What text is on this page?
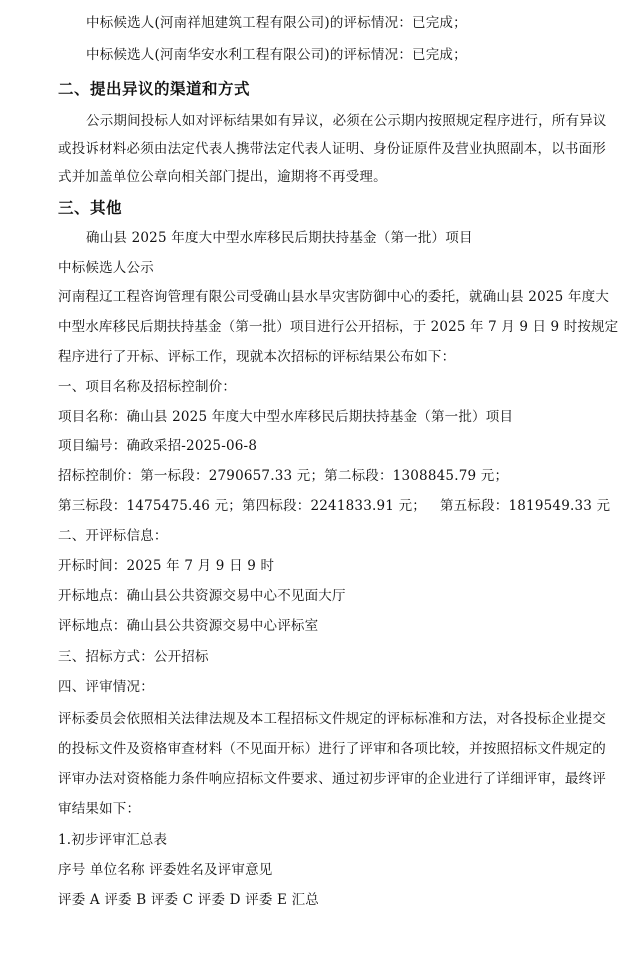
中标候选人(河南祥旭建筑工程有限公司)的评标情况：已完成；
中标候选人(河南华安水利工程有限公司)的评标情况：已完成；
二、提出异议的渠道和方式
公示期间投标人如对评标结果如有异议，必须在公示期内按照规定程序进行，所有异议
或投诉材料必须由法定代表人携带法定代表人证明、身份证原件及营业执照副本，以书面形
式并加盖单位公章向相关部门提出，逾期将不再受理。
三、其他
确山县 2025 年度大中型水库移民后期扶持基金（第一批）项目
中标候选人公示
河南程辽工程咨询管理有限公司受确山县水旱灾害防御中心的委托，就确山县 2025 年度大
中型水库移民后期扶持基金（第一批）项目进行公开招标，于 2025 年 7 月 9 日 9 时按规定
程序进行了开标、评标工作，现就本次招标的评标结果公布如下：
一、项目名称及招标控制价：
项目名称：确山县 2025 年度大中型水库移民后期扶持基金（第一批）项目
项目编号：确政采招-2025-06-8
招标控制价：第一标段：2790657.33 元；第二标段：1308845.79 元；
第三标段：1475475.46 元；第四标段：2241833.91 元； 第五标段：1819549.33 元
二、开评标信息：
开标时间：2025 年 7 月 9 日 9 时
开标地点：确山县公共资源交易中心不见面大厅
评标地点：确山县公共资源交易中心评标室
三、招标方式：公开招标
四、评审情况：
评标委员会依照相关法律法规及本工程招标文件规定的评标标准和方法，对各投标企业提交
的投标文件及资格审查材料（不见面开标）进行了评审和各项比较，并按照招标文件规定的
评审办法对资格能力条件响应招标文件要求、通过初步评审的企业进行了详细评审，最终评
审结果如下：
1.初步评审汇总表
序号 单位名称 评委姓名及评审意见
评委 A 评委 B 评委 C 评委 D 评委 E 汇总
